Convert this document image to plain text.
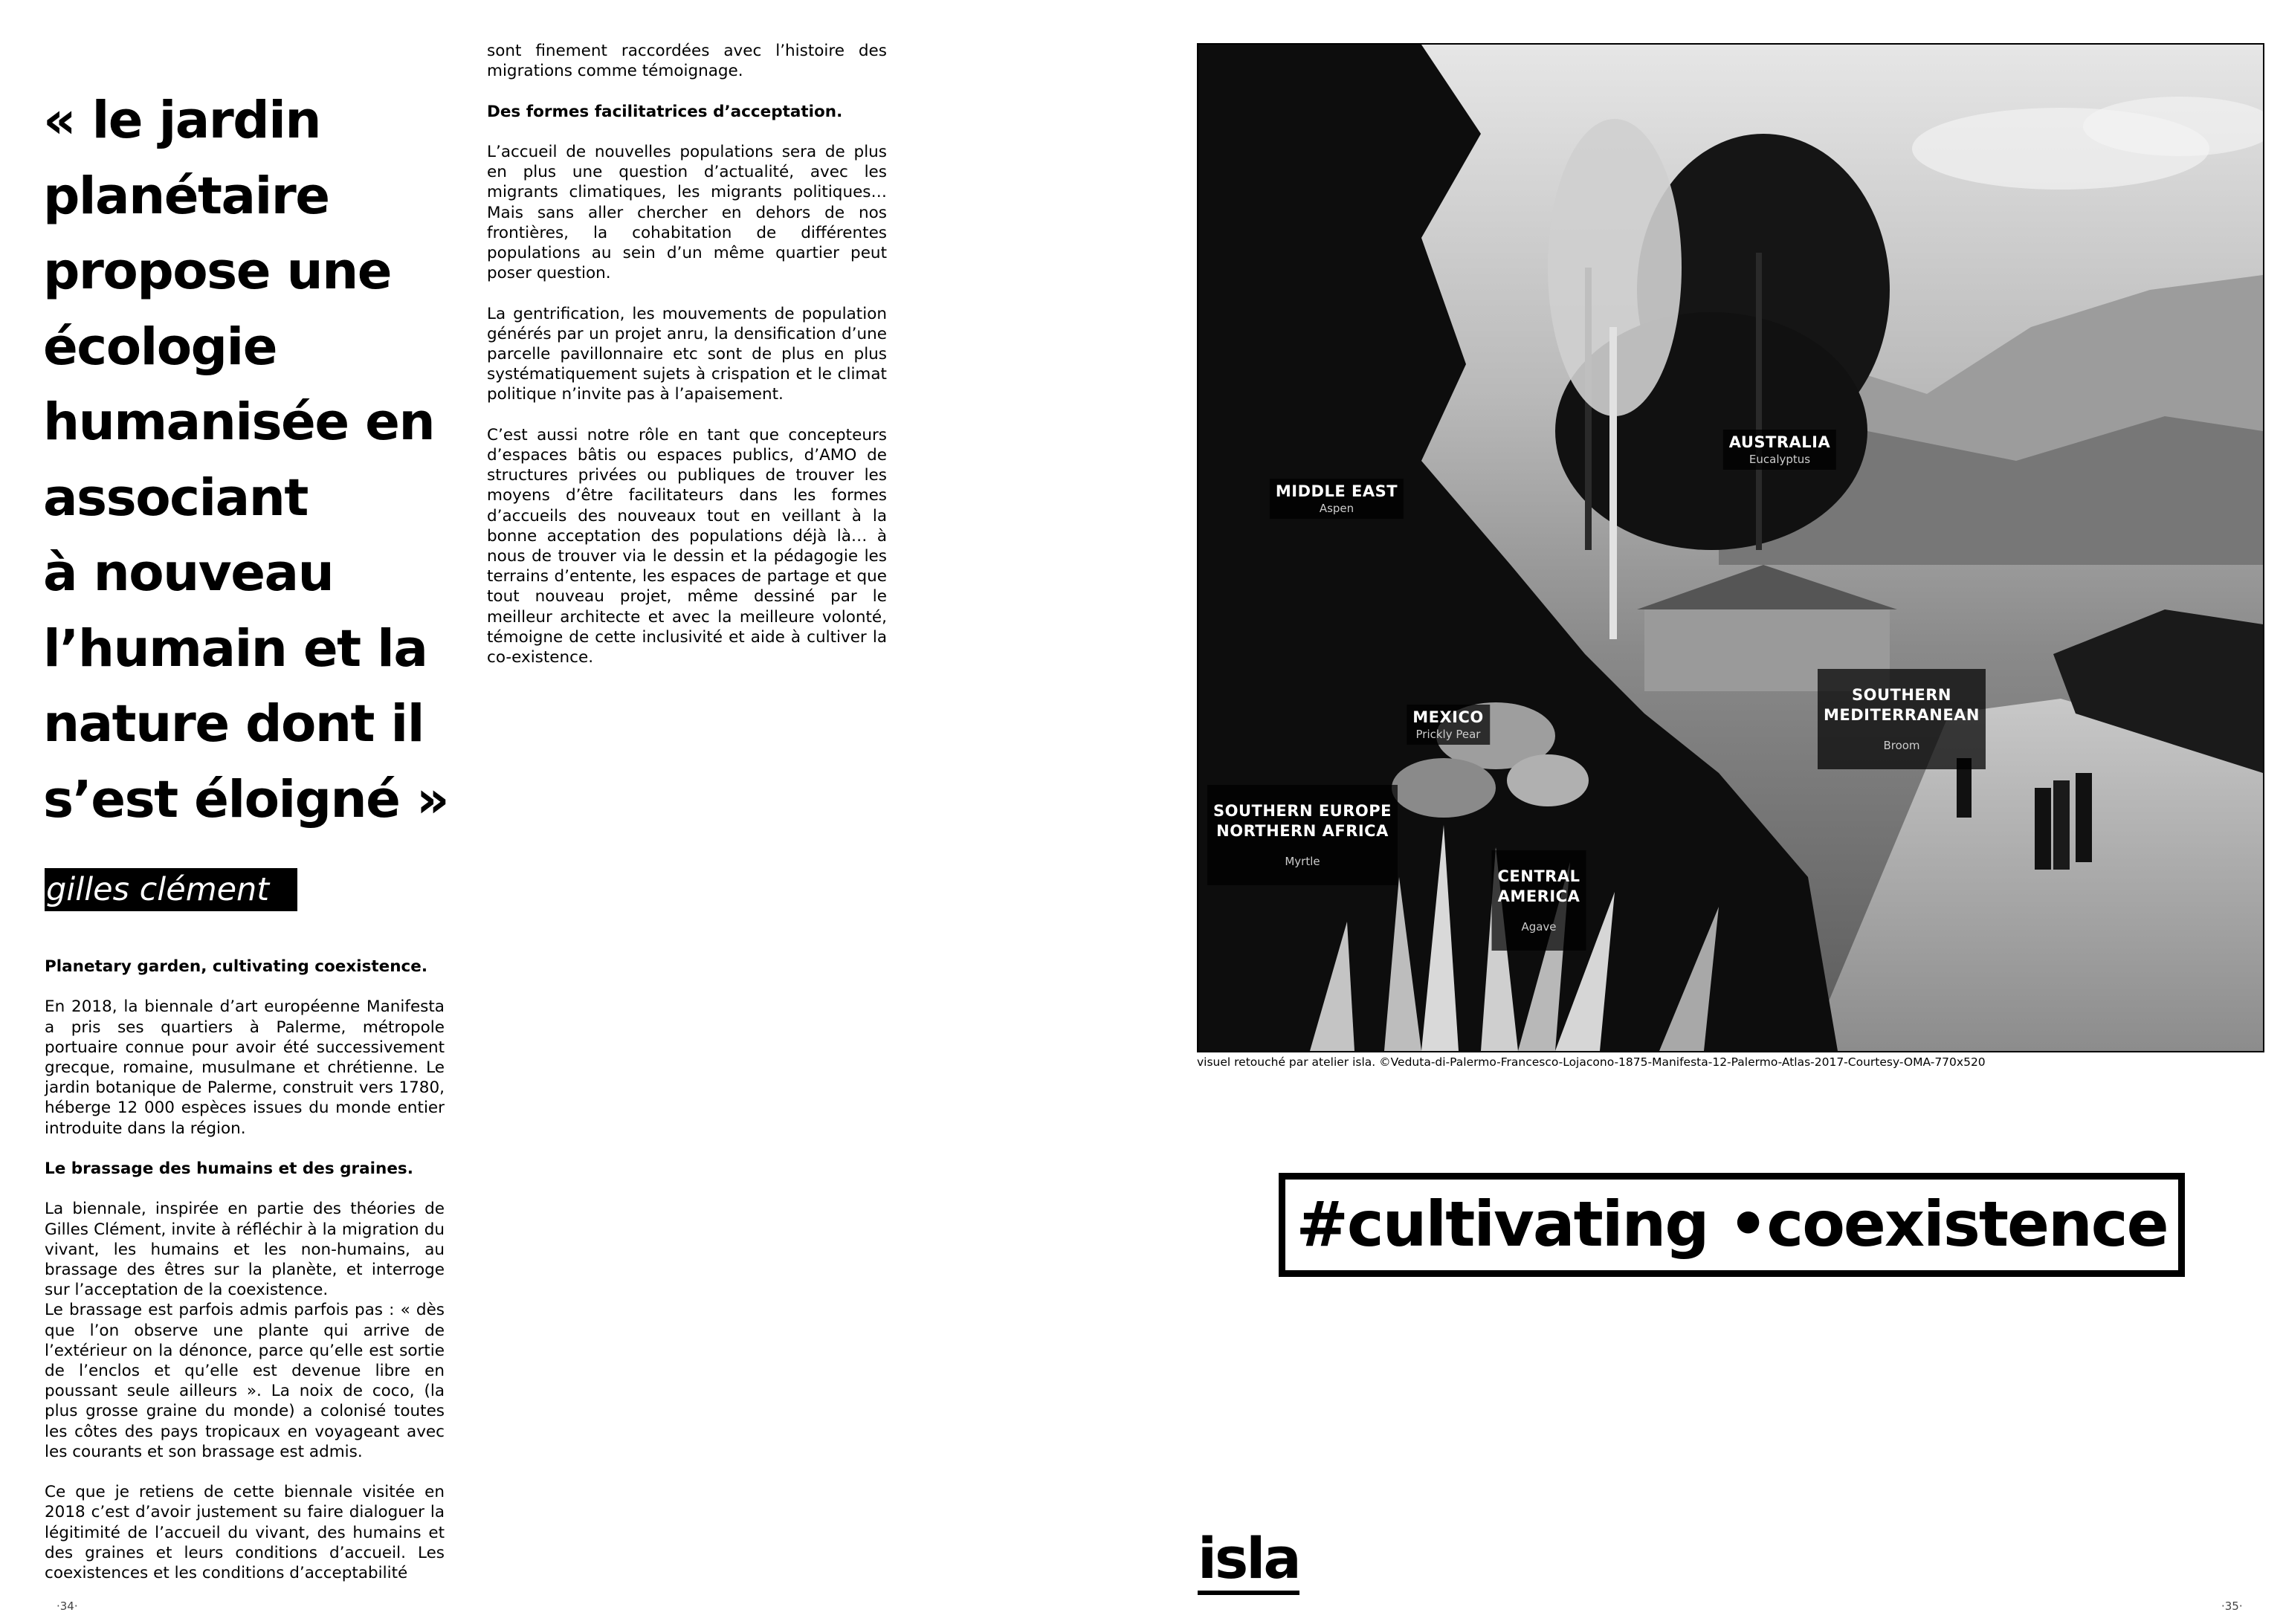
« le jardin
planétaire
propose une
écologie
humanisée en
associant
à nouveau
l’humain et la
nature dont il
s’est éloigné »
gilles clément

Planetary garden, cultivating coexistence.

En 2018, la biennale d’art européenne Manifesta a pris ses quartiers à Palerme, métropole portuaire connue pour avoir été successivement grecque, romaine, musulmane et chrétienne. Le jardin botanique de Palerme, construit vers 1780, héberge 12 000 espèces issues du monde entier introduite dans la région.

Le brassage des humains et des graines.

La biennale, inspirée en partie des théories de Gilles Clément, invite à réfléchir à la migration du vivant, les humains et les non-humains, au brassage des êtres sur la planète, et interroge sur l’acceptation de la coexistence.

Le brassage est parfois admis parfois pas : « dès que l’on observe une plante qui arrive de l’extérieur on la dénonce, parce qu’elle est sortie de l’enclos et qu’elle est devenue libre en poussant seule ailleurs ». La noix de coco, (la plus grosse graine du monde) a colonisé toutes les côtes des pays tropicaux en voyageant avec les courants et son brassage est admis.

Ce que je retiens de cette biennale visitée en 2018 c’est d’avoir justement su faire dialoguer la légitimité de l’accueil du vivant, des humains et des graines et leurs conditions d’accueil. Les coexistences et les conditions d’acceptabilité

sont finement raccordées avec l’histoire des migrations comme témoignage.

Des formes facilitatrices d’acceptation.

L’accueil de nouvelles populations sera de plus en plus une question d’actualité, avec les migrants climatiques, les migrants politiques… Mais sans aller chercher en dehors de nos frontières, la cohabitation de différentes populations au sein d’un même quartier peut poser question.

La gentrification, les mouvements de population générés par un projet anru, la densification d’une parcelle pavillonnaire etc sont de plus en plus systématiquement sujets à crispation et le climat politique n’invite pas à l’apaisement.

C’est aussi notre rôle en tant que concepteurs d’espaces bâtis ou espaces publics, d’AMO de structures privées ou publiques de trouver les moyens d’être facilitateurs dans les formes d’accueils des nouveaux tout en veillant à la bonne acceptation des populations déjà là… à nous de trouver via le dessin et la pédagogie les terrains d’entente, les espaces de partage et que tout nouveau projet, même dessiné par le meilleur architecte et avec la meilleure volonté, témoigne de cette inclusivité et aide à cultiver la co-existence.

·34·
MIDDLE EAST
Aspen
AUSTRALIA
Eucalyptus
MEXICO
Prickly Pear

SOUTHERN
MEDITERRANEAN

Broom

SOUTHERN EUROPE
NORTHERN AFRICA

Myrtle

CENTRAL
AMERICA

Agave

visuel retouché par atelier isla. ©Veduta-di-Palermo-Francesco-Lojacono-1875-Manifesta-12-Palermo-Atlas-2017-Courtesy-OMA-770x520
#cultivating •coexistence
isla
·35·
